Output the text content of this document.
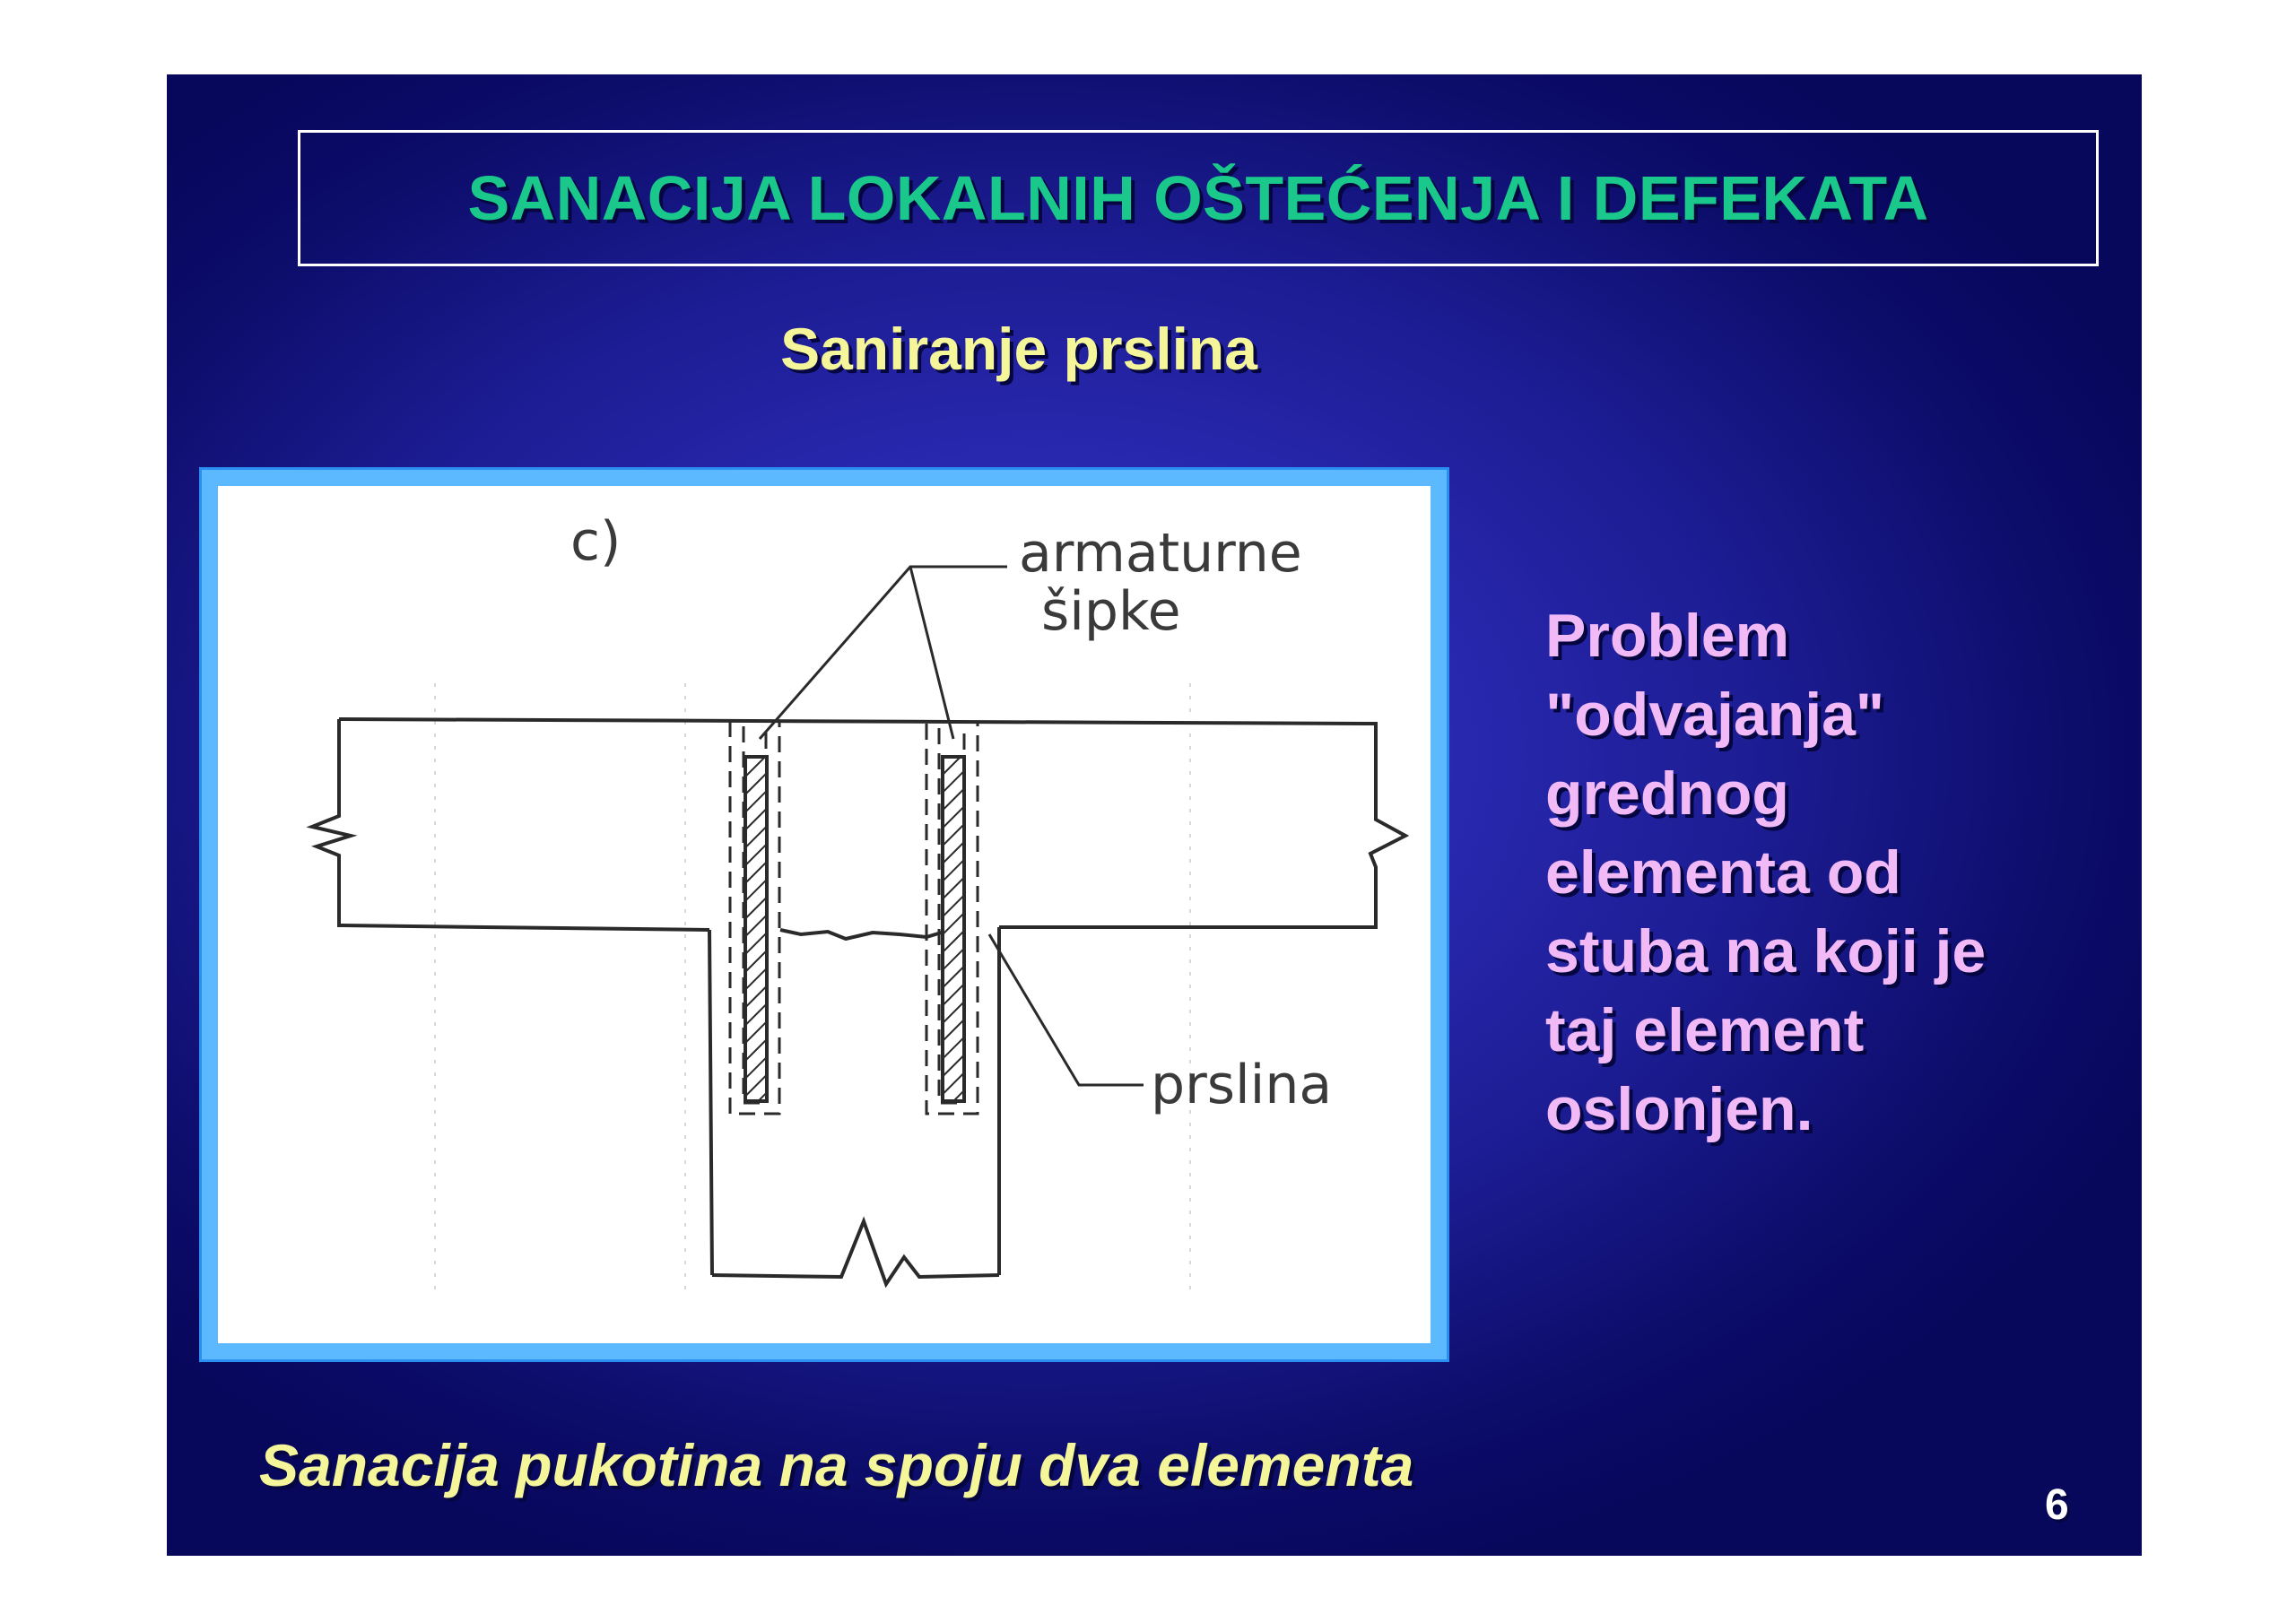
SANACIJA LOKALNIH OŠTEĆENJA I DEFEKATA
Saniranje prslina
c)	armaturne
šipke
prslina
Problem
"odvajanja"
grednog
elementa od
stuba na koji je
taj element
oslonjen.
Sanacija pukotina na spoju dva elementa
6
